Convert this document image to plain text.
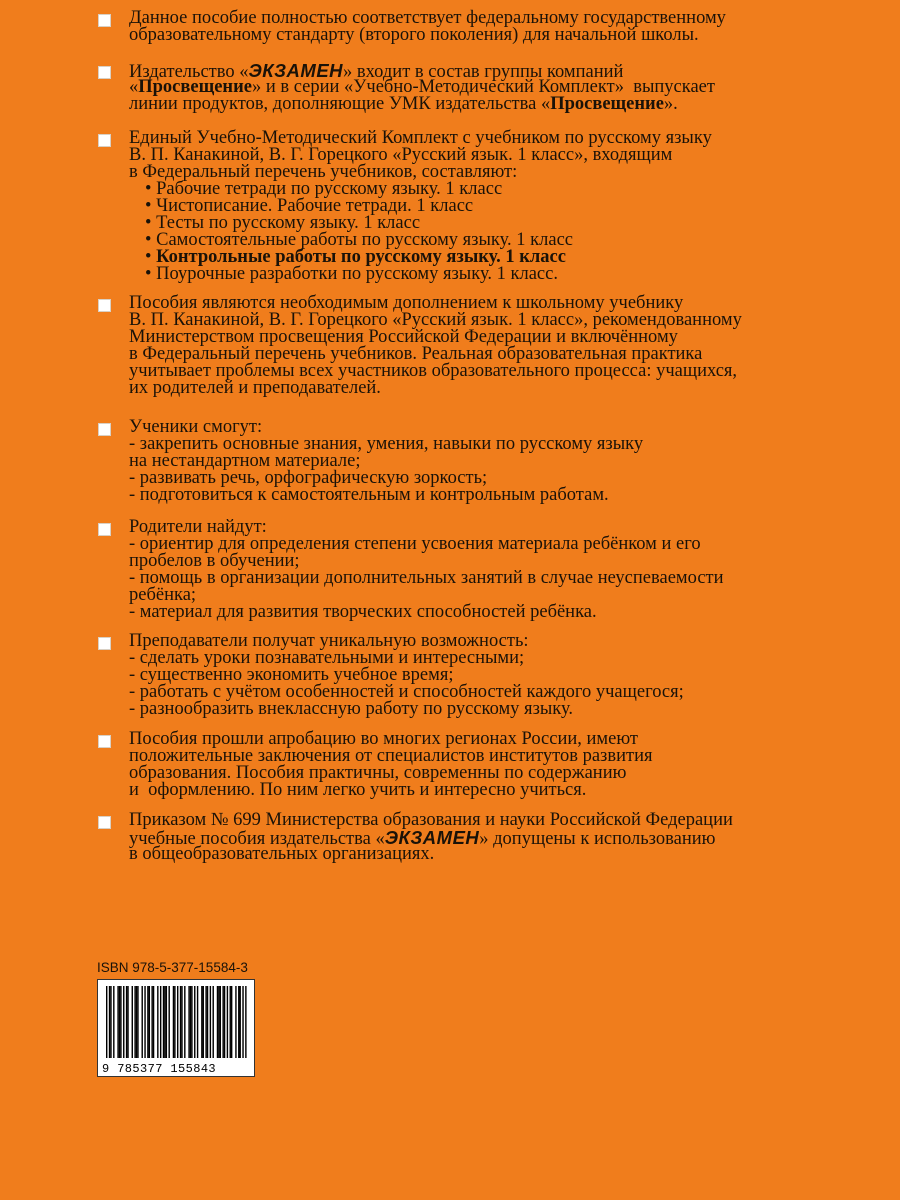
Данное пособие полностью соответствует федеральному государственному
образовательному стандарту (второго поколения) для начальной школы.
Издательство «ЭКЗАМЕН» входит в состав группы компаний
«Просвещение» и в серии «Учебно-Методический Комплект»  выпускает
линии продуктов, дополняющие УМК издательства «Просвещение».
Единый Учебно-Методический Комплект с учебником по русскому языку
В. П. Канакиной, В. Г. Горецкого «Русский язык. 1 класс», входящим
в Федеральный перечень учебников, составляют:
• Рабочие тетради по русскому языку. 1 класс
• Чистописание. Рабочие тетради. 1 класс
• Тесты по русскому языку. 1 класс
• Самостоятельные работы по русскому языку. 1 класс
• Контрольные работы по русскому языку. 1 класс
• Поурочные разработки по русскому языку. 1 класс.
Пособия являются необходимым дополнением к школьному учебнику
В. П. Канакиной, В. Г. Горецкого «Русский язык. 1 класс», рекомендованному
Министерством просвещения Российской Федерации и включённому
в Федеральный перечень учебников. Реальная образовательная практика
учитывает проблемы всех участников образовательного процесса: учащихся,
их родителей и преподавателей.
Ученики смогут:
- закрепить основные знания, умения, навыки по русскому языку
на нестандартном материале;
- развивать речь, орфографическую зоркость;
- подготовиться к самостоятельным и контрольным работам.
Родители найдут:
- ориентир для определения степени усвоения материала ребёнком и его
пробелов в обучении;
- помощь в организации дополнительных занятий в случае неуспеваемости
ребёнка;
- материал для развития творческих способностей ребёнка.
Преподаватели получат уникальную возможность:
- сделать уроки познавательными и интересными;
- существенно экономить учебное время;
- работать с учётом особенностей и способностей каждого учащегося;
- разнообразить внеклассную работу по русскому языку.
Пособия прошли апробацию во многих регионах России, имеют
положительные заключения от специалистов институтов развития
образования. Пособия практичны, современны по содержанию
и  оформлению. По ним легко учить и интересно учиться.
Приказом № 699 Министерства образования и науки Российской Федерации
учебные пособия издательства «ЭКЗАМЕН» допущены к использованию
в общеобразовательных организациях.
ISBN 978-5-377-15584-3
9 785377 155843
